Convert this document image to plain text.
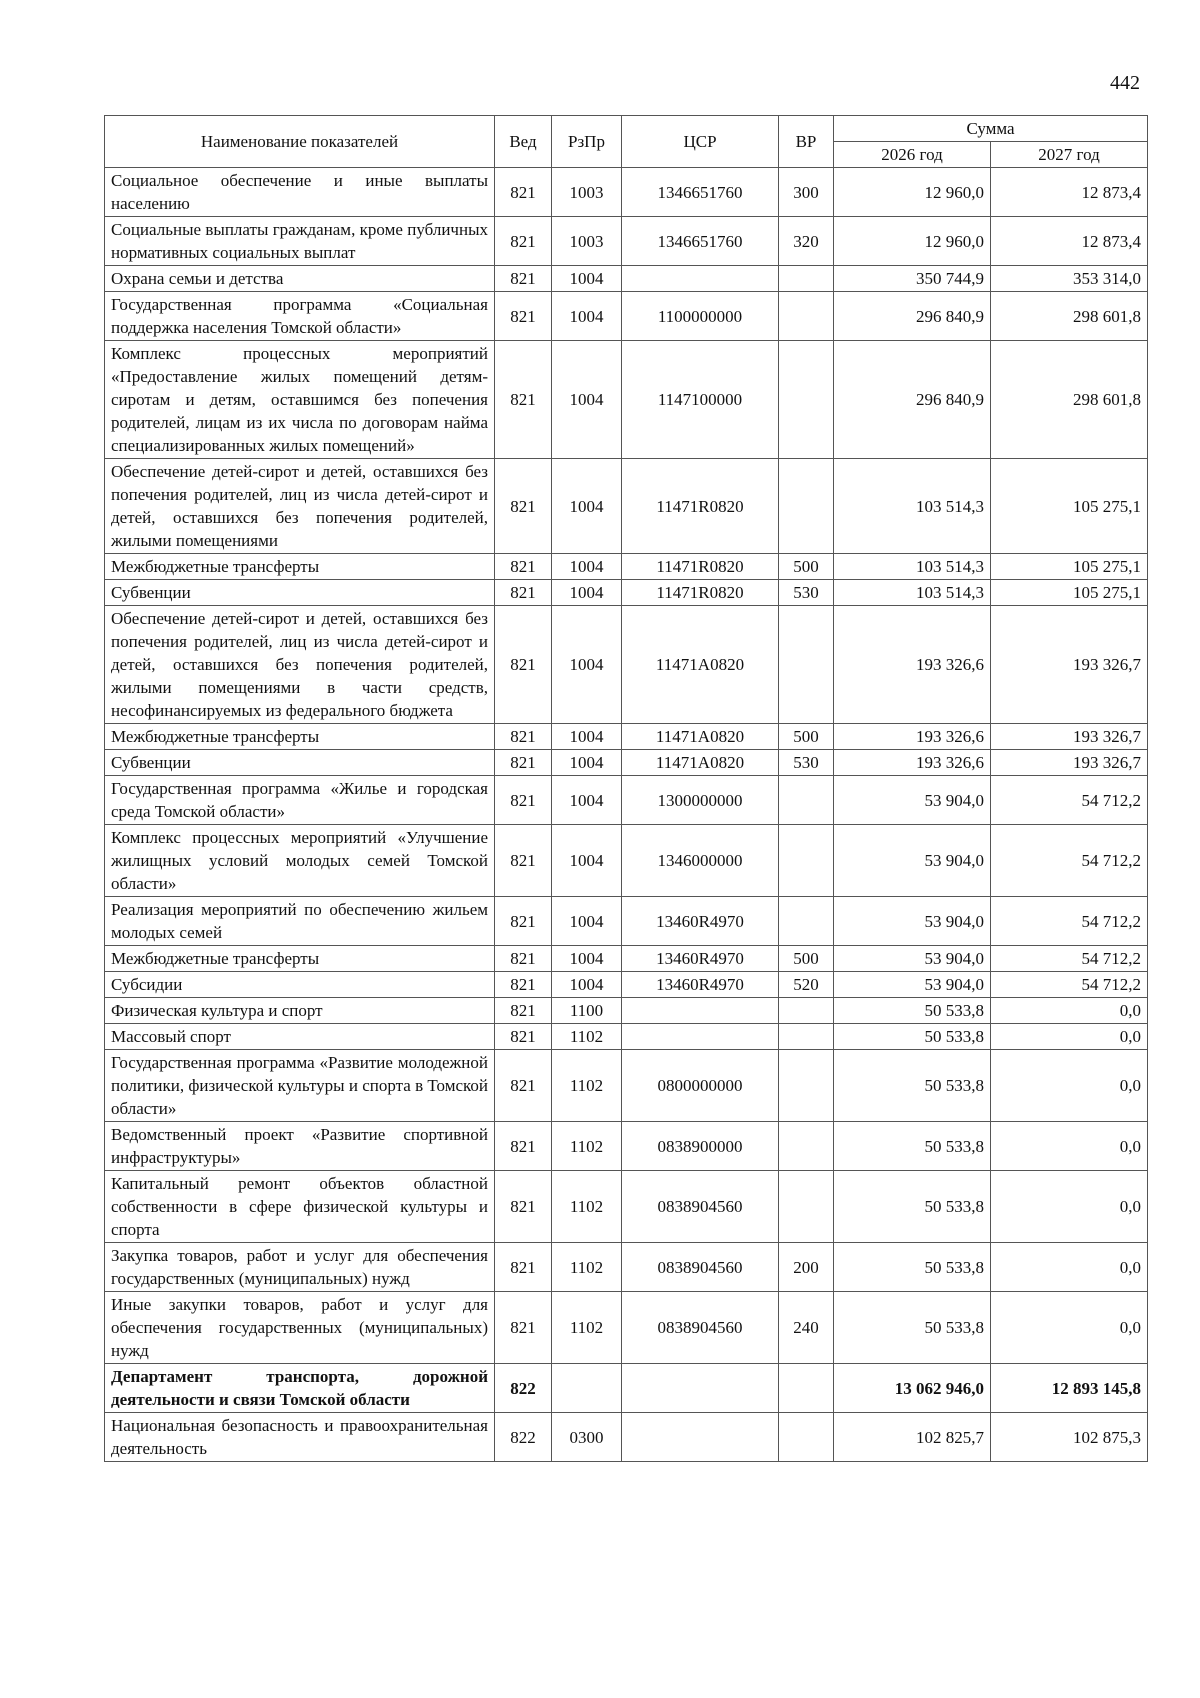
442
Наименование показателей	Вед	РзПр	ЦСР	ВР	Сумма	
					2026 год	2027 год
Социальное обеспечение и иные выплаты населению	821	1003	1346651760	300	12 960,0	12 873,4
Социальные выплаты гражданам, кроме публичных нормативных социальных выплат	821	1003	1346651760	320	12 960,0	12 873,4
Охрана семьи и детства	821	1004			350 744,9	353 314,0
Государственная программа «Социальная поддержка населения Томской области»	821	1004	1100000000		296 840,9	298 601,8
Комплекс процессных мероприятий «Предоставление жилых помещений детям-сиротам и детям, оставшимся без попечения родителей, лицам из их числа по договорам найма специализированных жилых помещений»	821	1004	1147100000		296 840,9	298 601,8
Обеспечение детей-сирот и детей, оставшихся без попечения родителей, лиц из числа детей-сирот и детей, оставшихся без попечения родителей, жилыми помещениями	821	1004	11471R0820		103 514,3	105 275,1
Межбюджетные трансферты	821	1004	11471R0820	500	103 514,3	105 275,1
Субвенции	821	1004	11471R0820	530	103 514,3	105 275,1
Обеспечение детей-сирот и детей, оставшихся без попечения родителей, лиц из числа детей-сирот и детей, оставшихся без попечения родителей, жилыми помещениями в части средств, несофинансируемых из федерального бюджета	821	1004	11471A0820		193 326,6	193 326,7
Межбюджетные трансферты	821	1004	11471A0820	500	193 326,6	193 326,7
Субвенции	821	1004	11471A0820	530	193 326,6	193 326,7
Государственная программа «Жилье и городская среда Томской области»	821	1004	1300000000		53 904,0	54 712,2
Комплекс процессных мероприятий «Улучшение жилищных условий молодых семей Томской области»	821	1004	1346000000		53 904,0	54 712,2
Реализация мероприятий по обеспечению жильем молодых семей	821	1004	13460R4970		53 904,0	54 712,2
Межбюджетные трансферты	821	1004	13460R4970	500	53 904,0	54 712,2
Субсидии	821	1004	13460R4970	520	53 904,0	54 712,2
Физическая культура и спорт	821	1100			50 533,8	0,0
Массовый спорт	821	1102			50 533,8	0,0
Государственная программа «Развитие молодежной политики, физической культуры и спорта в Томской области»	821	1102	0800000000		50 533,8	0,0
Ведомственный проект «Развитие спортивной инфраструктуры»	821	1102	0838900000		50 533,8	0,0
Капитальный ремонт объектов областной собственности в сфере физической культуры и спорта	821	1102	0838904560		50 533,8	0,0
Закупка товаров, работ и услуг для обеспечения государственных (муниципальных) нужд	821	1102	0838904560	200	50 533,8	0,0
Иные закупки товаров, работ и услуг для обеспечения государственных (муниципальных) нужд	821	1102	0838904560	240	50 533,8	0,0
Департамент транспорта, дорожной деятельности и связи Томской области	822				13 062 946,0	12 893 145,8
Национальная безопасность и правоохранительная деятельность	822	0300			102 825,7	102 875,3
